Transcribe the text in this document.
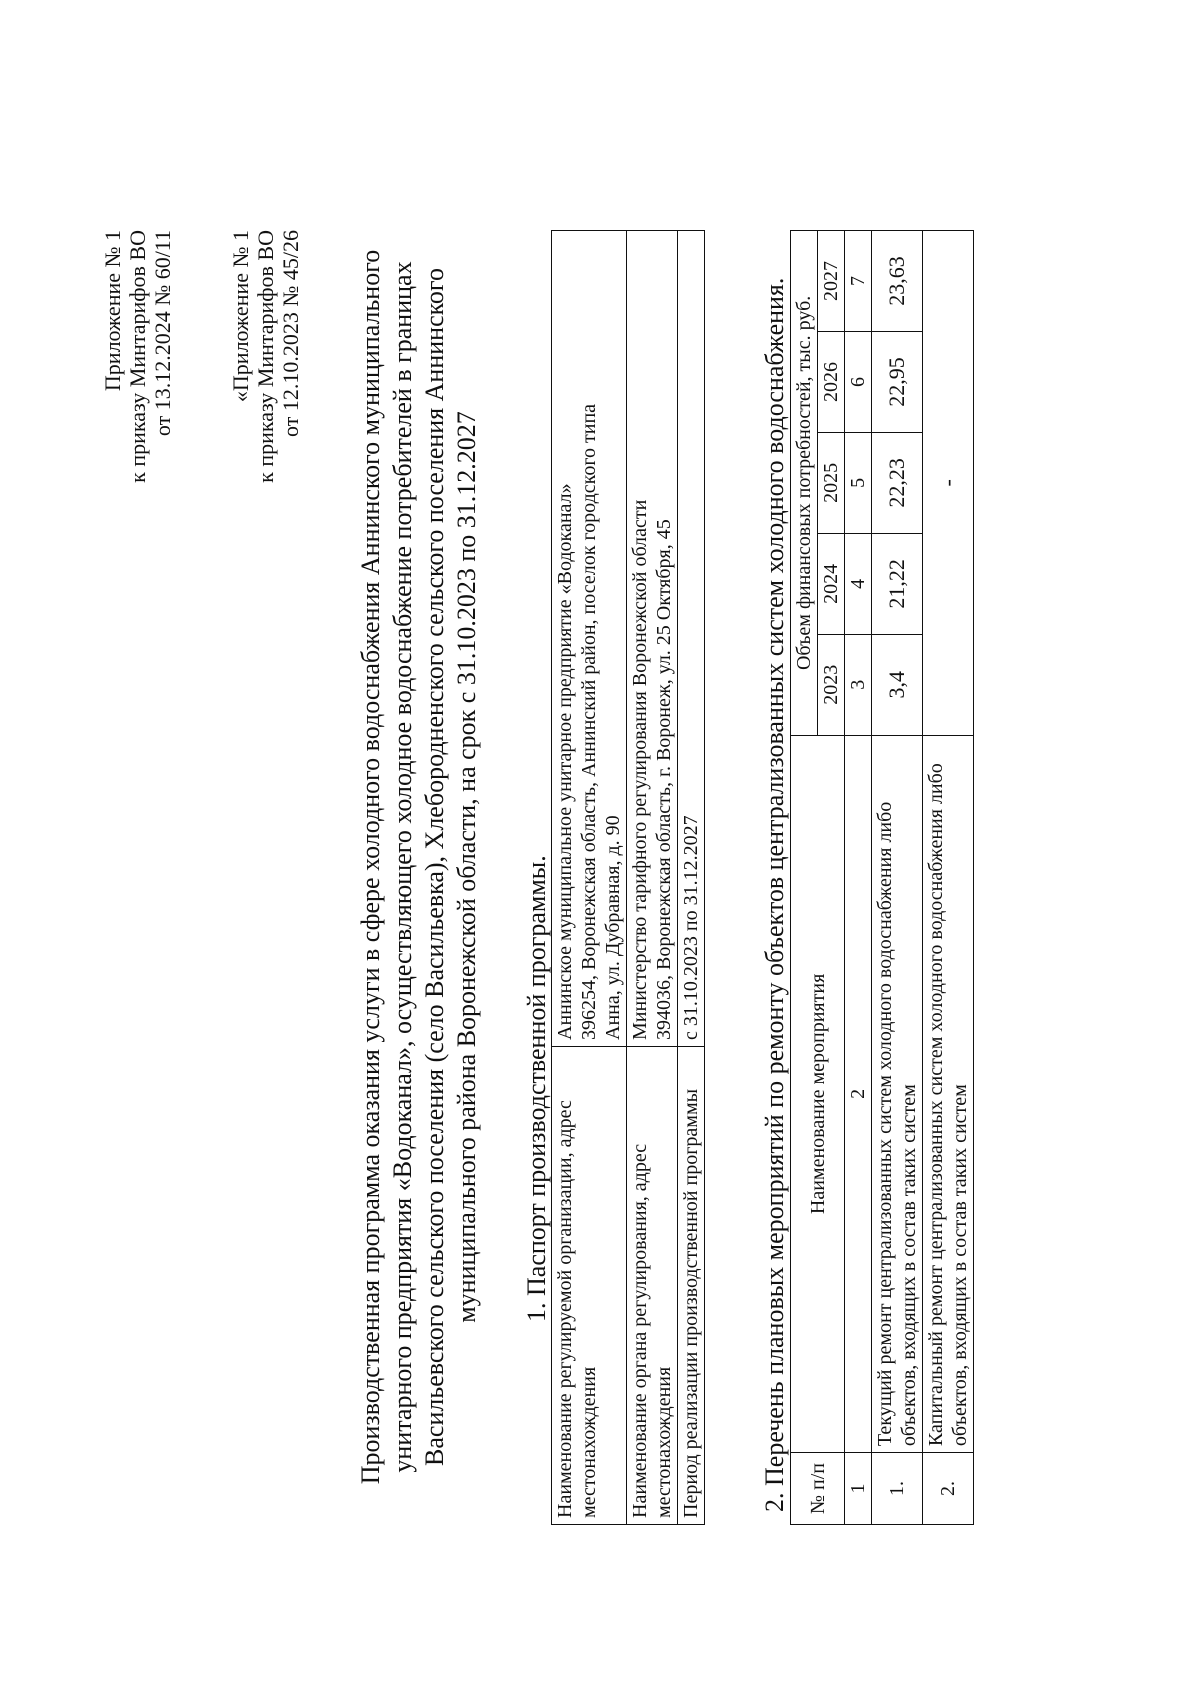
Приложение № 1 к приказу Минтарифов ВО от 13.12.2024 № 60/11 «Приложение № 1 к приказу Минтарифов ВО от 12.10.2023 № 45/26 Производственная программа оказания услуги в сфере холодного водоснабжения Аннинского муниципального унитарного предприятия «Водоканал», осуществляющего холодное водоснабжение потребителей в границах Васильевского сельского поселения (село Васильевка), Хлебородненского сельского поселения Аннинского муниципального района Воронежской области, на срок с 31.10.2023 по 31.12.2027 1. Паспорт производственной программы. Наименование регулируемой организации, адрес местонахождения	Аннинское муниципальное унитарное предприятие «Водоканал» 396254, Воронежская область, Аннинский район, поселок городского типа Анна, ул. Дубравная, д. 90

Наименование органа регулирования, адрес местонахождения	Министерство тарифного регулирования Воронежской области 394036, Воронежская область, г. Воронеж, ул. 25 Октября, 45

Период реализации производственной программы	с 31.10.2023 по 31.12.2027 2. Перечень плановых мероприятий по ремонту объектов централизованных систем холодного водоснабжения. № п/п	Наименование мероприятия	Объем финансовых потребностей, тыс. руб.				
		2023	2024	2025	2026	2027
1	2	3	4	5	6	7
1.	Текущий ремонт централизованных систем холодного водоснабжения либо объектов, входящих в состав таких систем	3,4	21,22	22,23	22,95	23,63
2.	Капитальный ремонт централизованных систем холодного водоснабжения либо объектов, входящих в состав таких систем	-				
